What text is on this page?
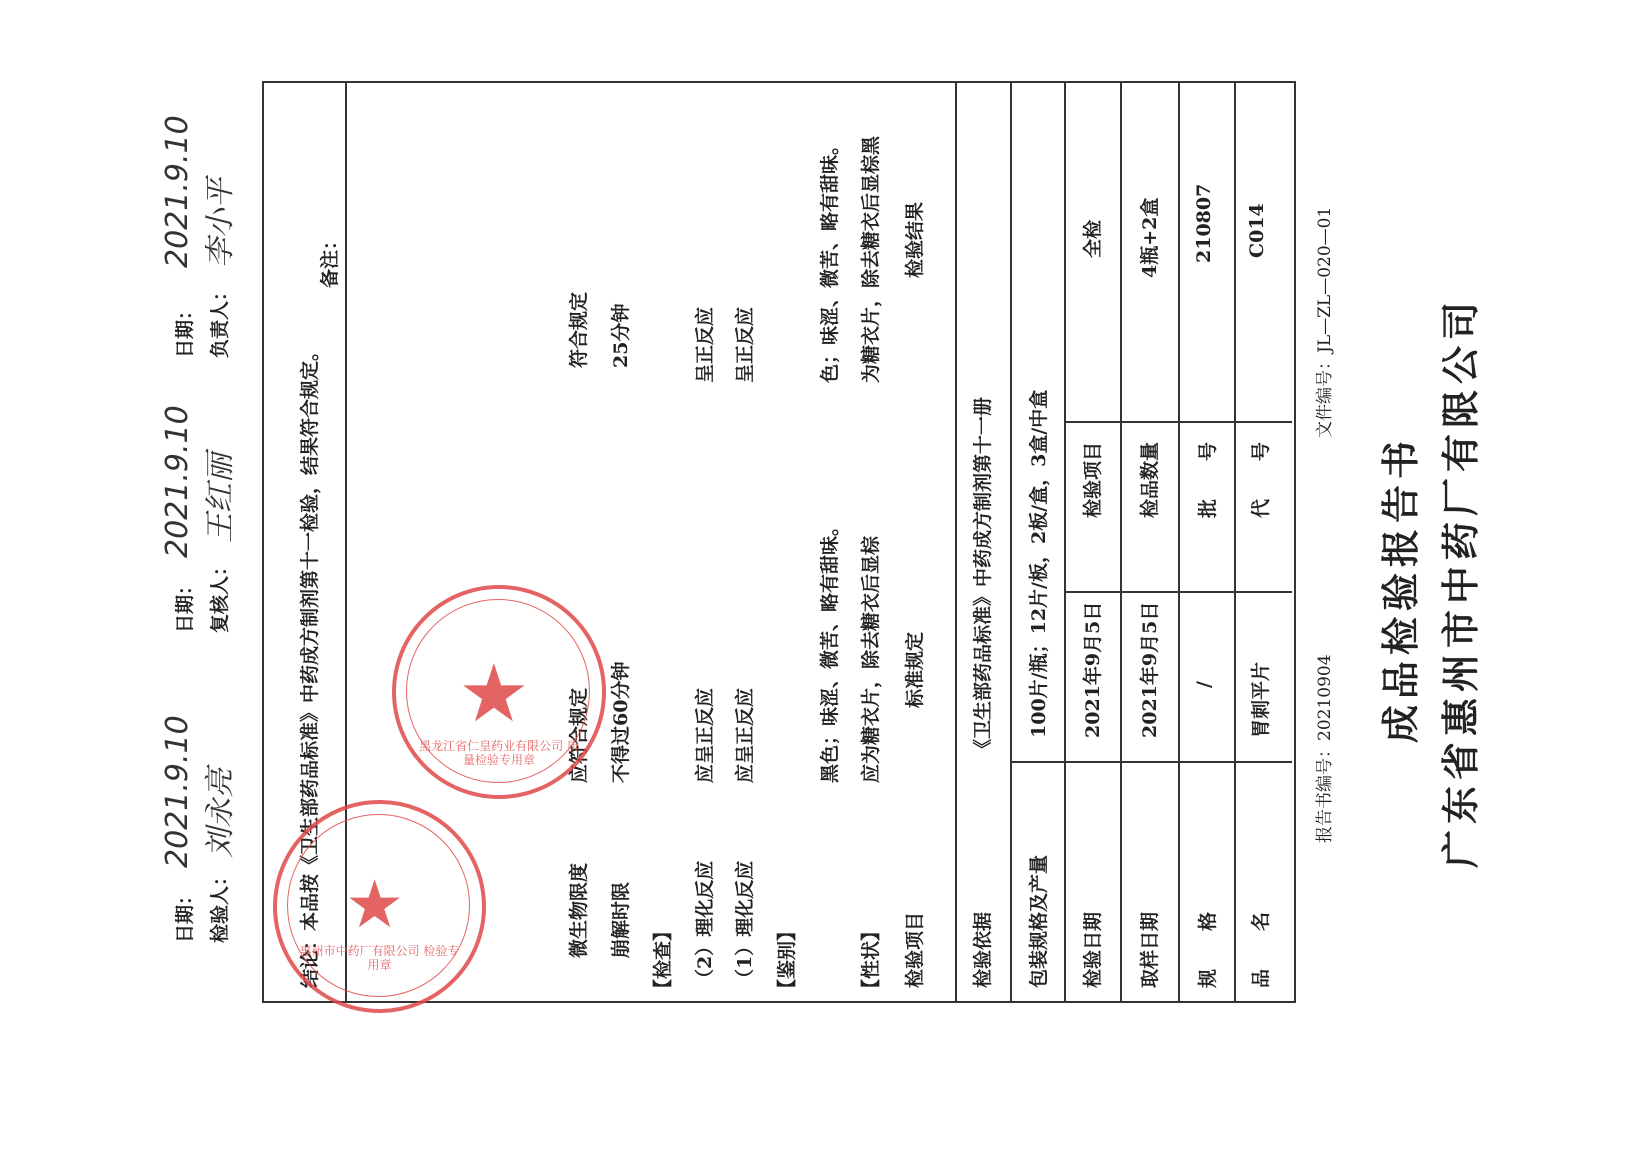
广东省惠州市中药厂有限公司
成品检验报告书
报告书编号：20210904
文件编号：JL—ZL—020—01
品　　名
胃刺平片
代　　号
C014
规　　格
/
批　　号
210807
取样日期
2021年9月5日
检品数量
4瓶+2盒
检验日期
2021年9月5日
检验项目
全检
包装规格及产量
100片/瓶；12片/板，2板/盒，3盒/中盒
检验依据
《卫生部药品标准》中药成方制剂第十一册
检验项目
标准规定
检验结果
【性状】
应为糖衣片，除去糖衣后显棕
黑色；味涩、微苦、略有甜味。
为糖衣片，除去糖衣后显棕黑
色；味涩、微苦、略有甜味。
【鉴别】
（1）理化反应
应呈正反应
呈正反应
（2）理化反应
应呈正反应
呈正反应
【检查】
崩解时限
不得过60分钟
25分钟
微生物限度
应符合规定
符合规定
结论：本品按《卫生部药品标准》中药成方制剂第十一检验，结果符合规定。
备注：
检验人：
刘永亮
日期：
2021.9.10
复核人：
王红丽
日期：
2021.9.10
负责人：
李小平
日期：
2021.9.10
★
黑龙江省仁皇药业有限公司 质量检验专用章
★
惠州市中药厂有限公司 检验专用章
